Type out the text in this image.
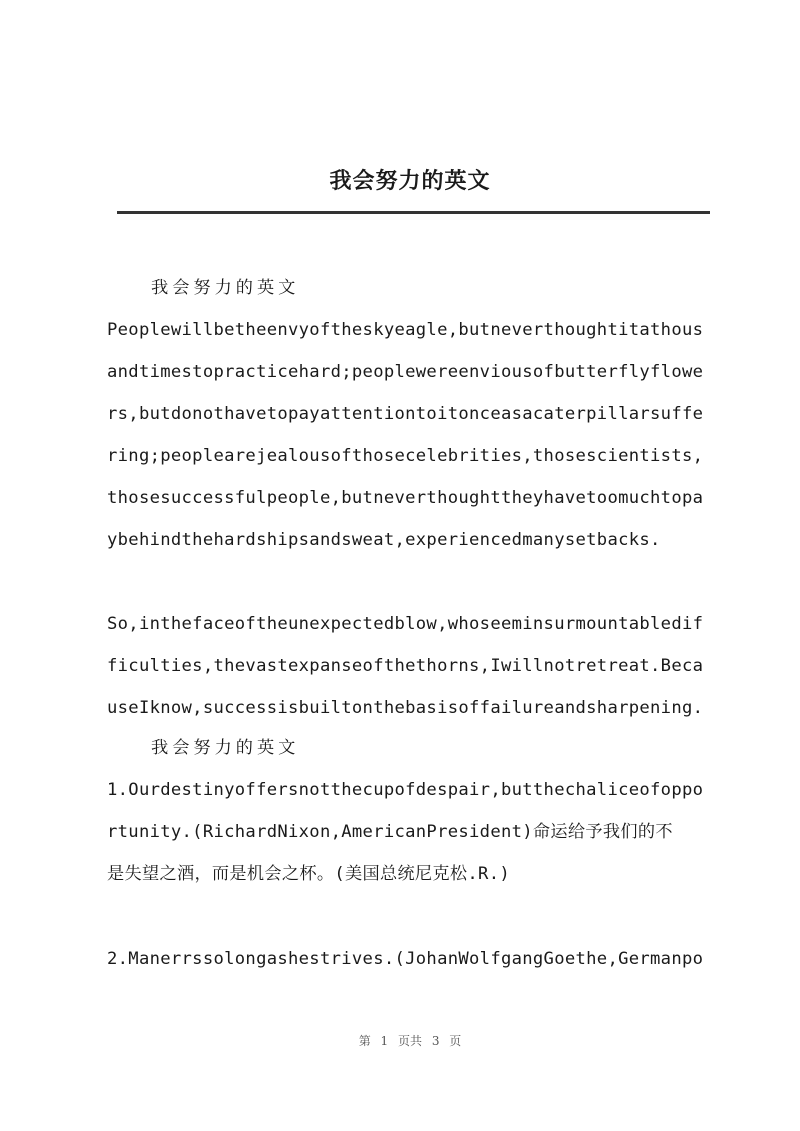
我会努力的英文
我会努力的英文
Peoplewillbetheenvyoftheskyeagle,butneverthoughtitathous
andtimestopracticehard;peoplewereenviousofbutterflyflowe
rs,butdonothavetopayattentiontoitonceasacaterpillarsuffe
ring;peoplearejealousofthosecelebrities,thosescientists,
thosesuccessfulpeople,butneverthoughttheyhavetoomuchtopa
ybehindthehardshipsandsweat,experiencedmanysetbacks.
So,inthefaceoftheunexpectedblow,whoseeminsurmountabledif
ficulties,thevastexpanseofthethorns,Iwillnotretreat.Beca
useIknow,successisbuiltonthebasisoffailureandsharpening.
我会努力的英文
1.Ourdestinyoffersnotthecupofdespair,butthechaliceofoppo
rtunity.(RichardNixon,AmericanPresident)命运给予我们的不
是失望之酒，而是机会之杯。(美国总统尼克松.R.)
2.Manerrssolongashestrives.(JohanWolfgangGoethe,Germanpo
第 1 页共 3 页
